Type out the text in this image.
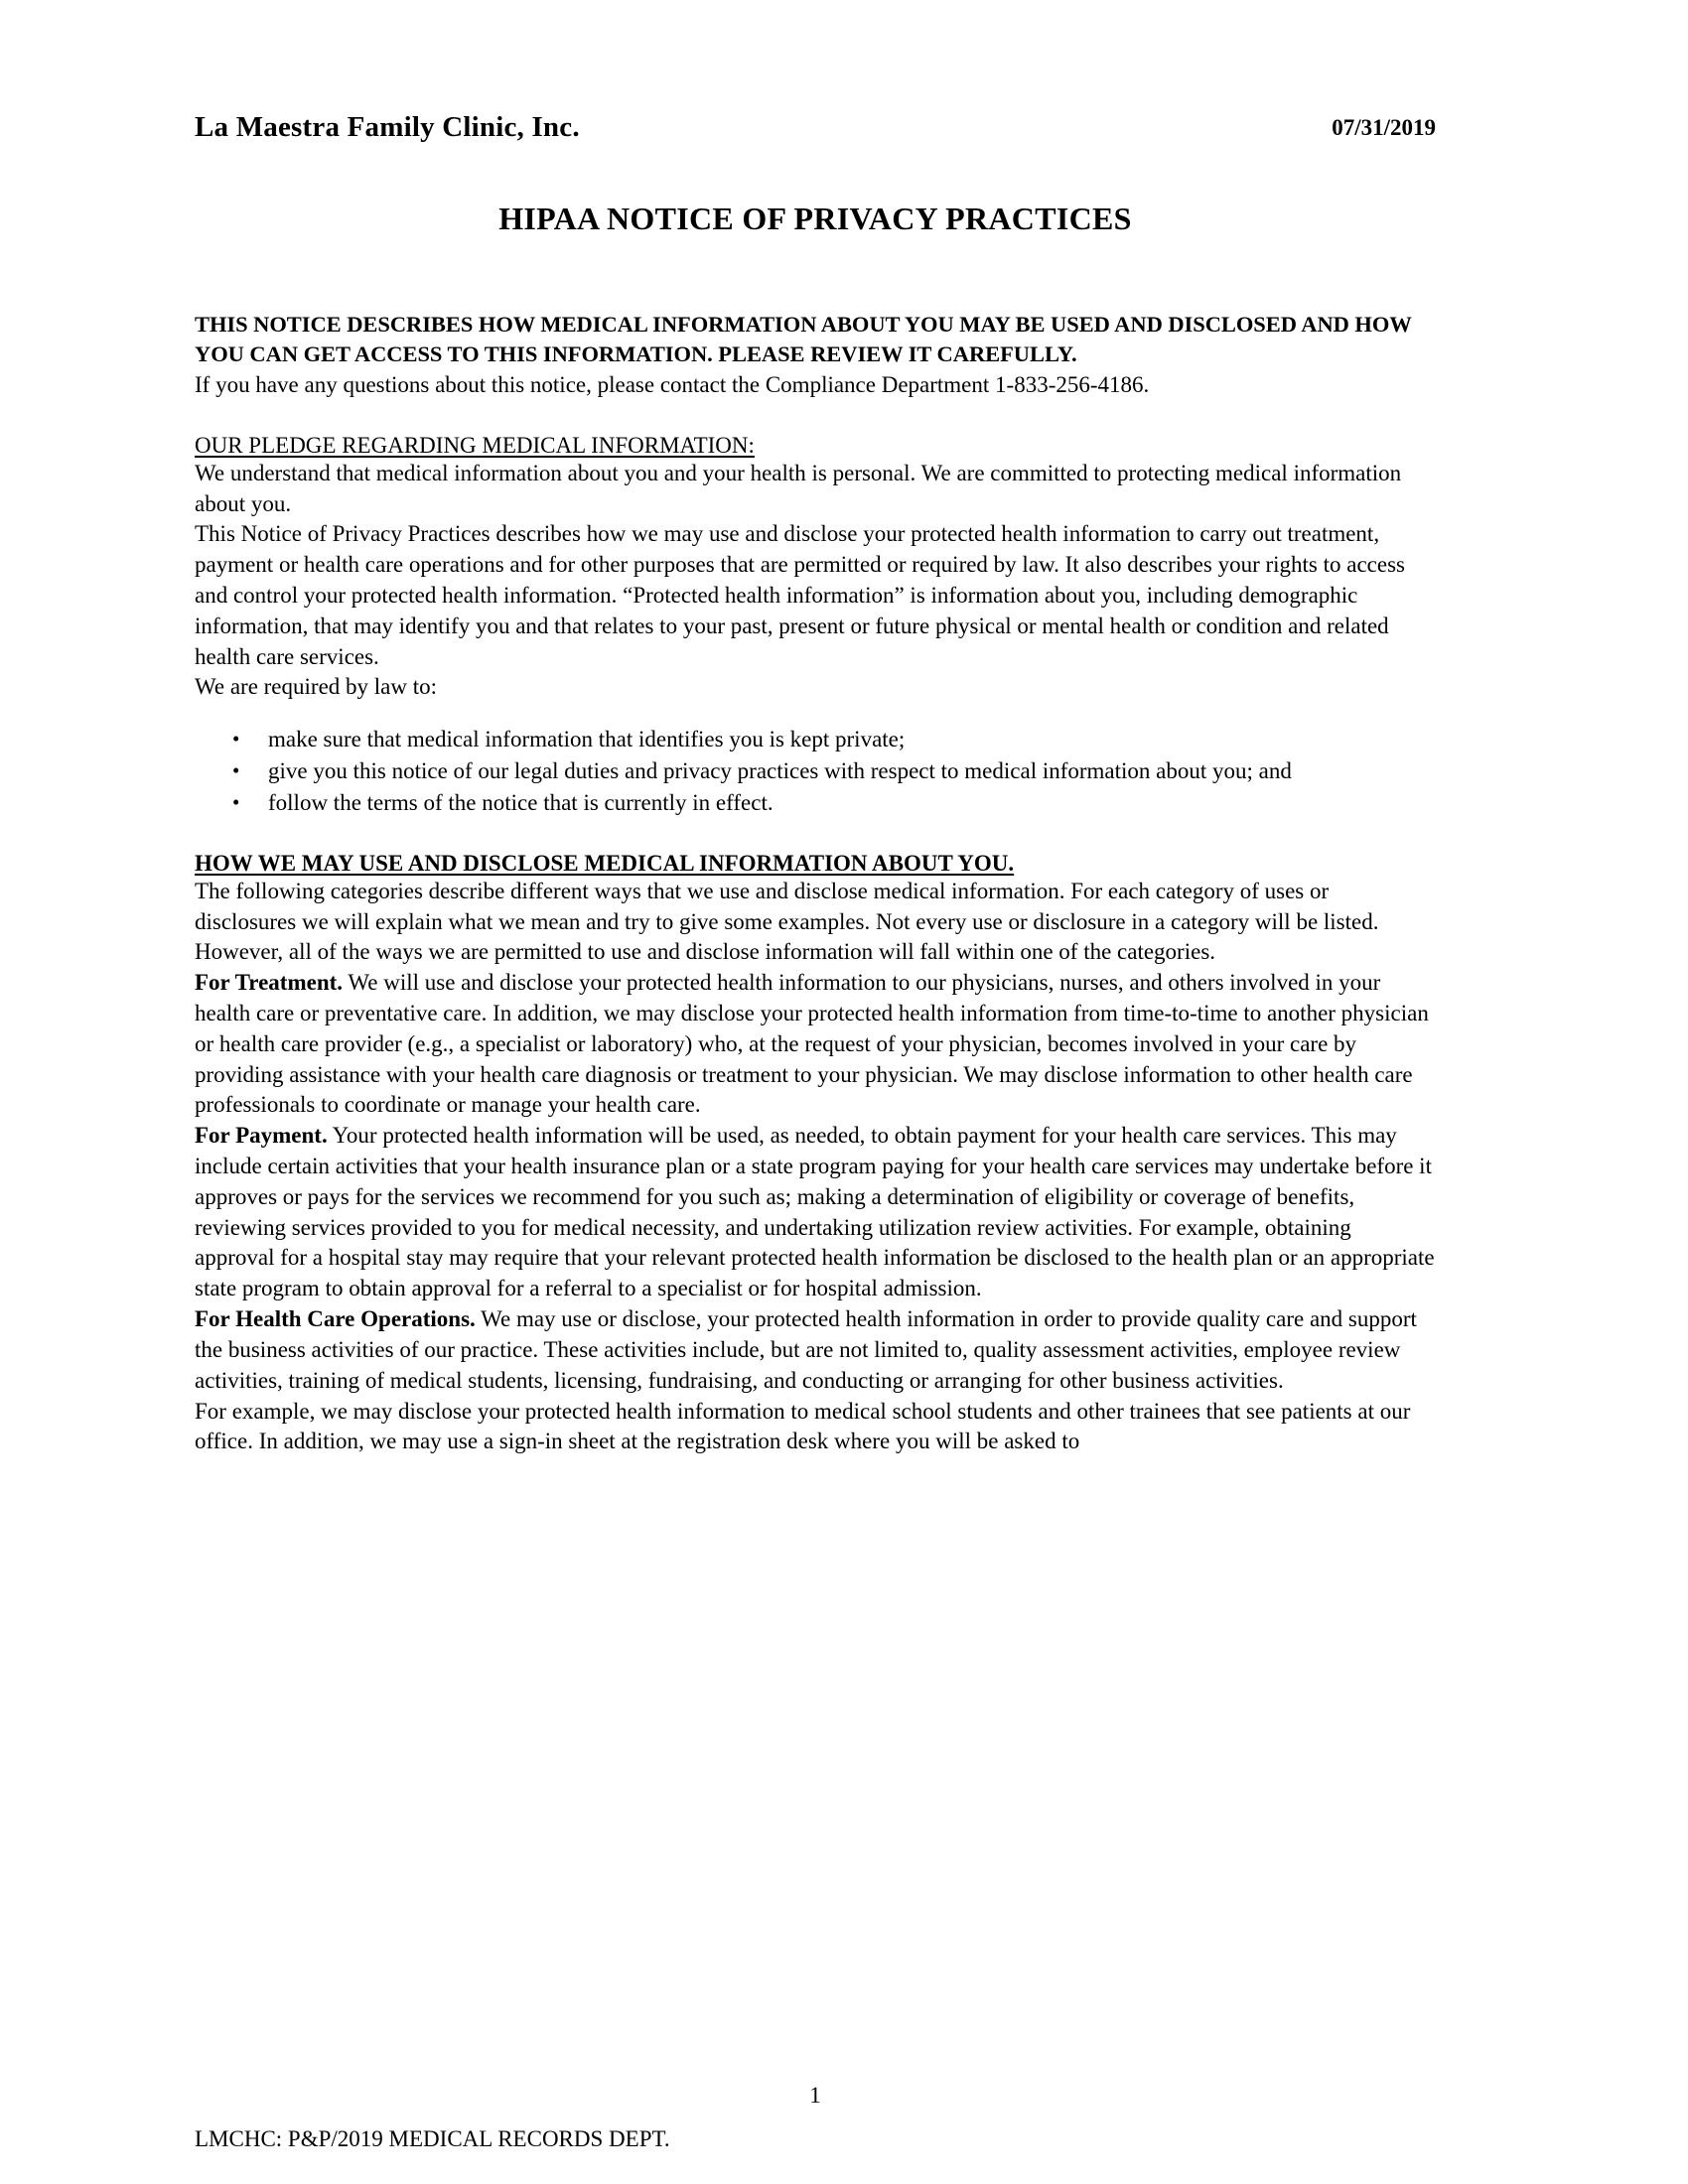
La Maestra Family Clinic, Inc.	07/31/2019
HIPAA NOTICE OF PRIVACY PRACTICES
THIS NOTICE DESCRIBES HOW MEDICAL INFORMATION ABOUT YOU MAY BE USED AND DISCLOSED AND HOW YOU CAN GET ACCESS TO THIS INFORMATION. PLEASE REVIEW IT CAREFULLY.

If you have any questions about this notice, please contact the Compliance Department 1-833-256-4186.

OUR PLEDGE REGARDING MEDICAL INFORMATION:

We understand that medical information about you and your health is personal. We are committed to protecting medical information about you.

This Notice of Privacy Practices describes how we may use and disclose your protected health information to carry out treatment, payment or health care operations and for other purposes that are permitted or required by law. It also describes your rights to access and control your protected health information. “Protected health information” is information about you, including demographic information, that may identify you and that relates to your past, present or future physical or mental health or condition and related health care services.

We are required by law to:

• make sure that medical information that identifies you is kept private;
• give you this notice of our legal duties and privacy practices with respect to medical information about you; and
• follow the terms of the notice that is currently in effect.
HOW WE MAY USE AND DISCLOSE MEDICAL INFORMATION ABOUT YOU.

The following categories describe different ways that we use and disclose medical information. For each category of uses or disclosures we will explain what we mean and try to give some examples. Not every use or disclosure in a category will be listed. However, all of the ways we are permitted to use and disclose information will fall within one of the categories.

For Treatment. We will use and disclose your protected health information to our physicians, nurses, and others involved in your health care or preventative care. In addition, we may disclose your protected health information from time-to-time to another physician or health care provider (e.g., a specialist or laboratory) who, at the request of your physician, becomes involved in your care by providing assistance with your health care diagnosis or treatment to your physician. We may disclose information to other health care professionals to coordinate or manage your health care.

For Payment. Your protected health information will be used, as needed, to obtain payment for your health care services. This may include certain activities that your health insurance plan or a state program paying for your health care services may undertake before it approves or pays for the services we recommend for you such as; making a determination of eligibility or coverage of benefits, reviewing services provided to you for medical necessity, and undertaking utilization review activities. For example, obtaining approval for a hospital stay may require that your relevant protected health information be disclosed to the health plan or an appropriate state program to obtain approval for a referral to a specialist or for hospital admission.

For Health Care Operations. We may use or disclose, your protected health information in order to provide quality care and support the business activities of our practice. These activities include, but are not limited to, quality assessment activities, employee review activities, training of medical students, licensing, fundraising, and conducting or arranging for other business activities.

For example, we may disclose your protected health information to medical school students and other trainees that see patients at our office. In addition, we may use a sign-in sheet at the registration desk where you will be asked to

1
LMCHC: P&P/2019 MEDICAL RECORDS DEPT.
